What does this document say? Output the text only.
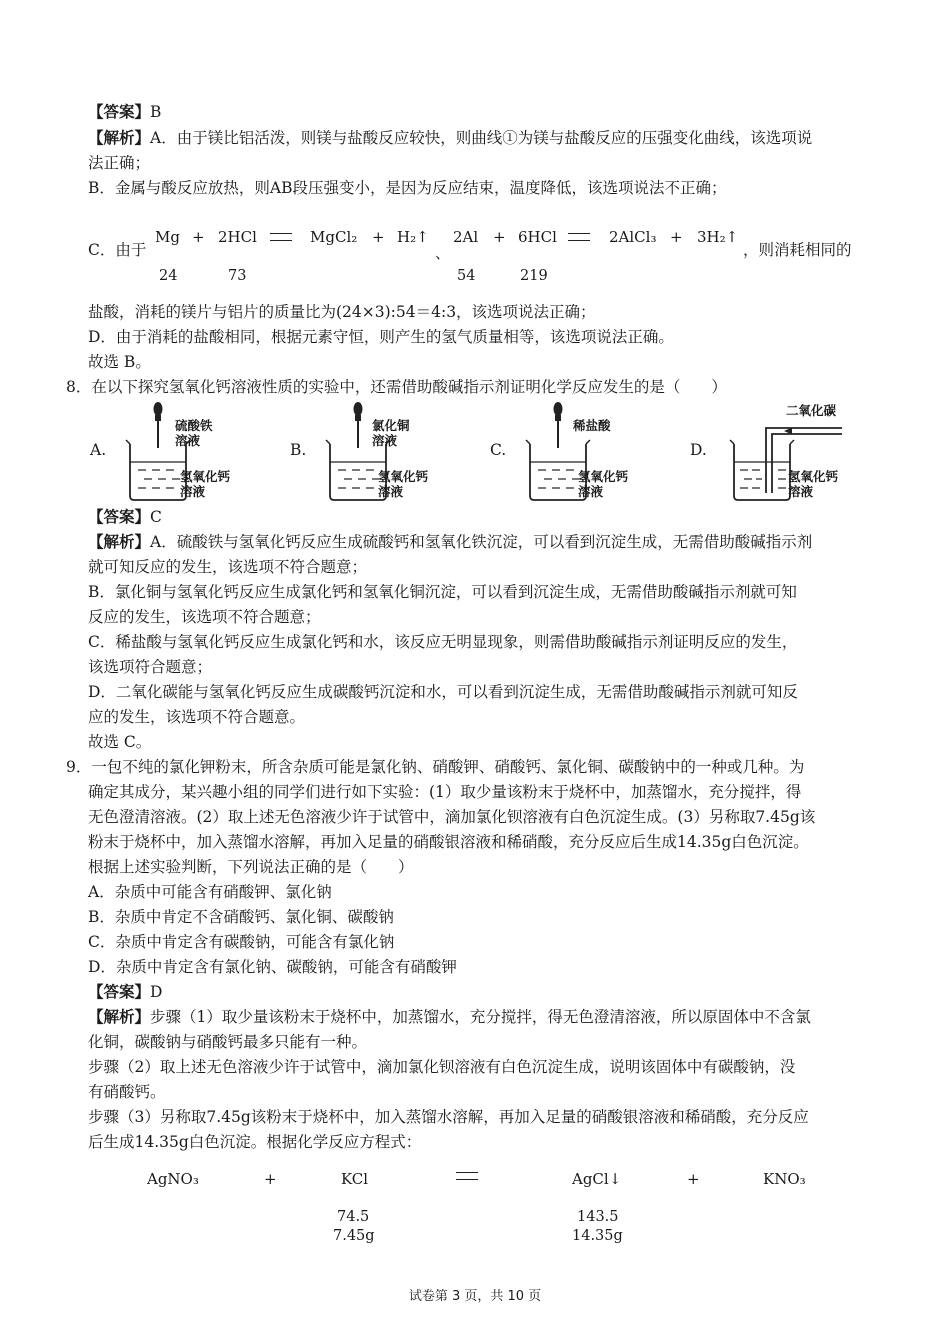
【答案】B
【解析】A．由于镁比铝活泼，则镁与盐酸反应较快，则曲线①为镁与盐酸反应的压强变化曲线，该选项说
法正确；
B．金属与酸反应放热，则AB段压强变小，是因为反应结束，温度降低，该选项说法不正确；
C．由于
Mg + 2HCl	MgCl₂ + H₂↑
24	73
、
2Al + 6HCl	2AlCl₃ + 3H₂↑
54	219
，则消耗相同的
盐酸，消耗的镁片与铝片的质量比为(24×3):54＝4:3，该选项说法正确；
D．由于消耗的盐酸相同，根据元素守恒，则产生的氢气质量相等，该选项说法正确。
故选 B。
8．在以下探究氢氧化钙溶液性质的实验中，还需借助酸碱指示剂证明化学反应发生的是（　　）
A.
硫酸铁
溶液
氢氧化钙
溶液
B.
氯化铜
溶液
氢氧化钙
溶液
C.
稀盐酸
氢氧化钙
溶液
D.
二氧化碳
氢氧化钙
溶液
【答案】C
【解析】A．硫酸铁与氢氧化钙反应生成硫酸钙和氢氧化铁沉淀，可以看到沉淀生成，无需借助酸碱指示剂
就可知反应的发生，该选项不符合题意；
B．氯化铜与氢氧化钙反应生成氯化钙和氢氧化铜沉淀，可以看到沉淀生成，无需借助酸碱指示剂就可知
反应的发生，该选项不符合题意；
C．稀盐酸与氢氧化钙反应生成氯化钙和水，该反应无明显现象，则需借助酸碱指示剂证明反应的发生，
该选项符合题意；
D．二氧化碳能与氢氧化钙反应生成碳酸钙沉淀和水，可以看到沉淀生成，无需借助酸碱指示剂就可知反
应的发生，该选项不符合题意。
故选 C。
9．一包不纯的氯化钾粉末，所含杂质可能是氯化钠、硝酸钾、硝酸钙、氯化铜、碳酸钠中的一种或几种。为
确定其成分，某兴趣小组的同学们进行如下实验：(1）取少量该粉末于烧杯中，加蒸馏水，充分搅拌，得
无色澄清溶液。(2）取上述无色溶液少许于试管中，滴加氯化钡溶液有白色沉淀生成。(3）另称取7.45g该
粉末于烧杯中，加入蒸馏水溶解，再加入足量的硝酸银溶液和稀硝酸，充分反应后生成14.35g白色沉淀。
根据上述实验判断，下列说法正确的是（　　）
A．杂质中可能含有硝酸钾、氯化钠
B．杂质中肯定不含硝酸钙、氯化铜、碳酸钠
C．杂质中肯定含有碳酸钠，可能含有氯化钠
D．杂质中肯定含有氯化钠、碳酸钠，可能含有硝酸钾
【答案】D
【解析】步骤（1）取少量该粉末于烧杯中，加蒸馏水，充分搅拌，得无色澄清溶液，所以原固体中不含氯
化铜，碳酸钠与硝酸钙最多只能有一种。
步骤（2）取上述无色溶液少许于试管中，滴加氯化钡溶液有白色沉淀生成，说明该固体中有碳酸钠，没
有硝酸钙。
步骤（3）另称取7.45g该粉末于烧杯中，加入蒸馏水溶解，再加入足量的硝酸银溶液和稀硝酸，充分反应
后生成14.35g白色沉淀。根据化学反应方程式：
AgNO₃	+	KCl	AgCl↓	+	KNO₃
74.5
7.45g
143.5
14.35g
试卷第 3 页，共 10 页
